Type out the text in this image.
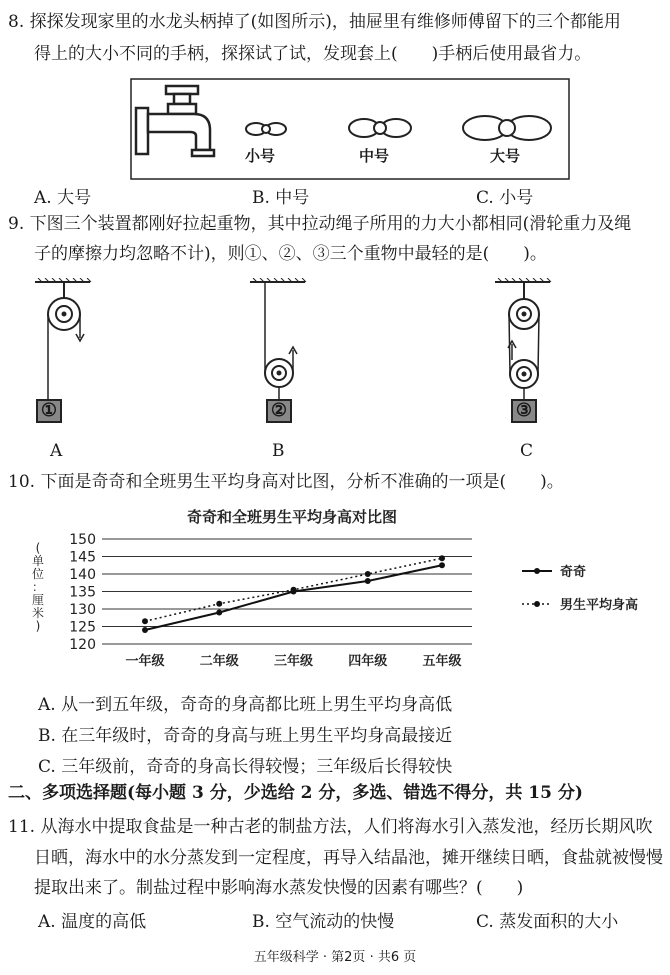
8. 探探发现家里的水龙头柄掉了(如图所示)，抽屉里有维修师傅留下的三个都能用
得上的大小不同的手柄，探探试了试，发现套上(　　)手柄后使用最省力。
小号	中号	大号
A. 大号	B. 中号	C. 小号
9. 下图三个装置都刚好拉起重物，其中拉动绳子所用的力大小都相同(滑轮重力及绳
子的摩擦力均忽略不计)，则①、②、③三个重物中最轻的是(　　)。
①	②	③
A	B	C
10. 下面是奇奇和全班男生平均身高对比图，分析不准确的一项是(　　)。
奇奇和全班男生平均身高对比图
150
145
140
135
130
125
120
一年级	二年级	三年级	四年级	五年级
(
单
位
：
厘
米
)
奇奇
男生平均身高
A. 从一到五年级，奇奇的身高都比班上男生平均身高低
B. 在三年级时，奇奇的身高与班上男生平均身高最接近
C. 三年级前，奇奇的身高长得较慢；三年级后长得较快
二、多项选择题(每小题 3 分，少选给 2 分，多选、错选不得分，共 15 分)
11. 从海水中提取食盐是一种古老的制盐方法，人们将海水引入蒸发池，经历长期风吹
日晒，海水中的水分蒸发到一定程度，再导入结晶池，摊开继续日晒，食盐就被慢慢
提取出来了。制盐过程中影响海水蒸发快慢的因素有哪些？(　　)
A. 温度的高低	B. 空气流动的快慢	C. 蒸发面积的大小
五年级科学 · 第2页 · 共6 页
